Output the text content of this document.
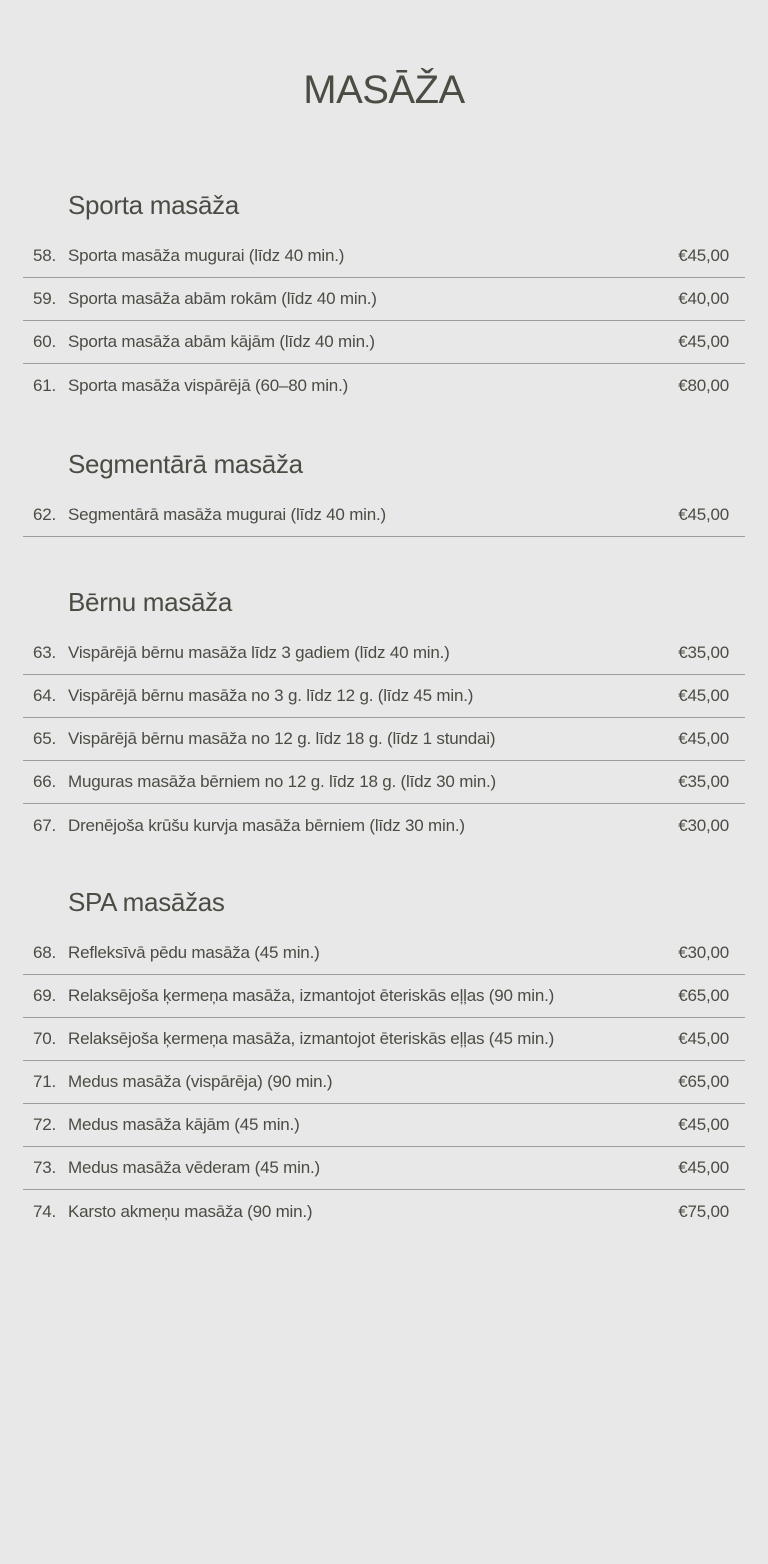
MASĀŽA
Sporta masāža
58. Sporta masāža mugurai (līdz 40 min.)	€45,00
59. Sporta masāža abām rokām (līdz 40 min.)	€40,00
60. Sporta masāža abām kājām (līdz 40 min.)	€45,00
61. Sporta masāža vispārējā (60–80 min.)	€80,00
Segmentārā masāža
62. Segmentārā masāža mugurai (līdz 40 min.)	€45,00
Bērnu masāža
63. Vispārējā bērnu masāža līdz 3 gadiem (līdz 40 min.)	€35,00
64. Vispārējā bērnu masāža no 3 g. līdz 12 g. (līdz 45 min.)	€45,00
65. Vispārējā bērnu masāža no 12 g. līdz 18 g. (līdz 1 stundai)	€45,00
66. Muguras masāža bērniem no 12 g. līdz 18 g. (līdz 30 min.)	€35,00
67. Drenējoša krūšu kurvja masāža bērniem (līdz 30 min.)	€30,00
SPA masāžas
68. Refleksīvā pēdu masāža (45 min.)	€30,00
69. Relaksējoša ķermeņa masāža, izmantojot ēteriskās eļļas (90 min.)	€65,00
70. Relaksējoša ķermeņa masāža, izmantojot ēteriskās eļļas (45 min.)	€45,00
71. Medus masāža (vispārēja) (90 min.)	€65,00
72. Medus masāža kājām (45 min.)	€45,00
73. Medus masāža vēderam (45 min.)	€45,00
74. Karsto akmeņu masāža (90 min.)	€75,00
